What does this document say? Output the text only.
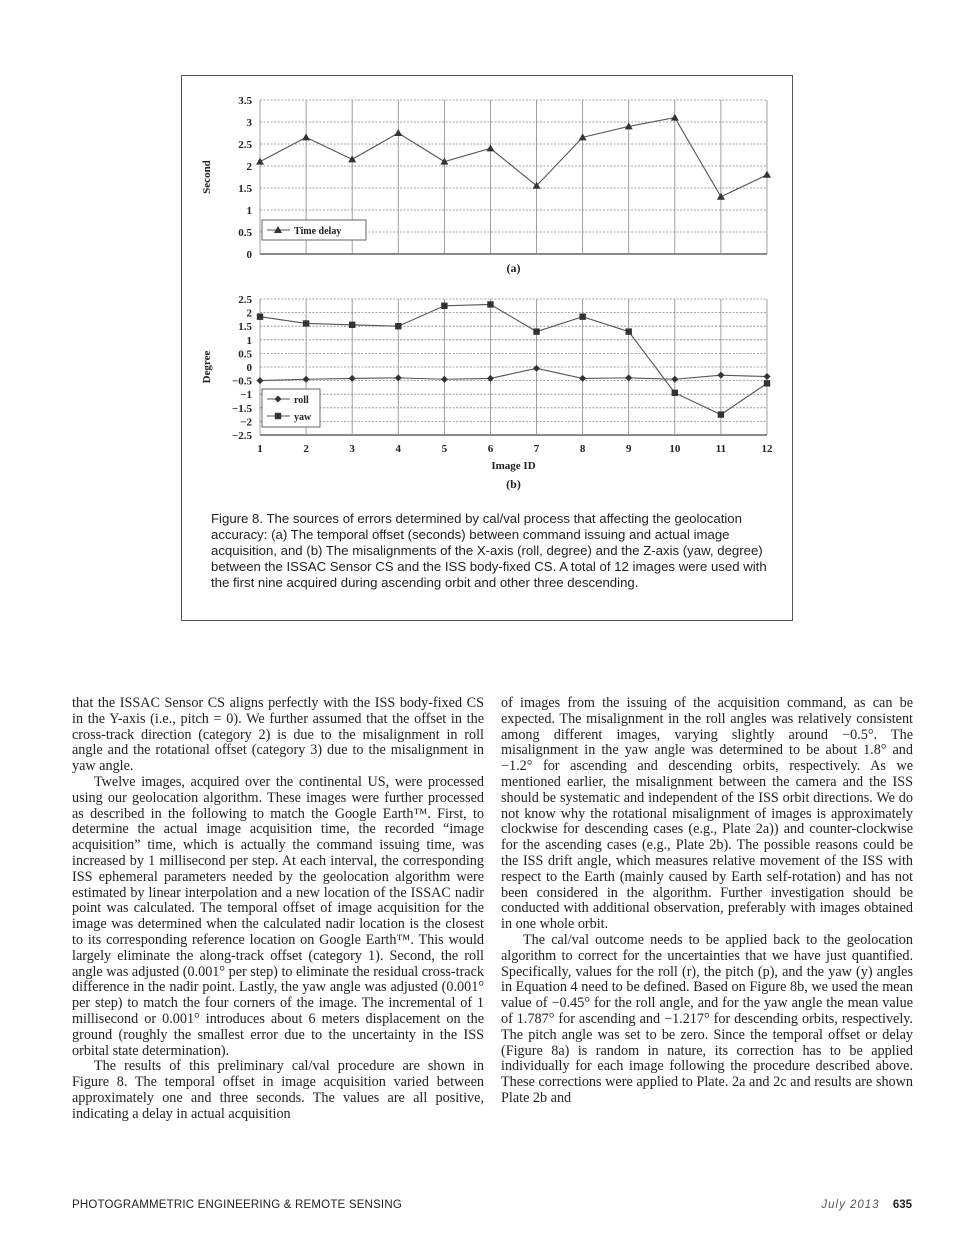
3.5
3
2.5
2
1.5
1
0.5
0
Second
Time delay
(a)
2.5
2
1.5
1
0.5
0
−0.5
−1
−1.5
−2
−2.5
Degree
1	2	3	4	5	6	7	8	9	10	11	12
Image ID
roll
yaw
(b)
Figure 8. The sources of errors determined by cal/val process that affecting the geolocation accuracy: (a) The temporal offset (seconds) between command issuing and actual image acquisition, and (b) The misalignments of the X-axis (roll, degree) and the Z-axis (yaw, degree) between the ISSAC Sensor CS and the ISS body-fixed CS. A total of 12 images were used with the first nine acquired during ascending orbit and other three descending.

that the ISSAC Sensor CS aligns perfectly with the ISS body-fixed CS in the Y-axis (i.e., pitch = 0). We further assumed that the offset in the cross-track direction (category 2) is due to the misalignment in roll angle and the rotational offset (category 3) due to the misalignment in yaw angle.

Twelve images, acquired over the continental US, were processed using our geolocation algorithm. These images were further processed as described in the following to match the Google Earth™. First, to determine the actual image acquisition time, the recorded “image acquisition” time, which is actually the command issuing time, was increased by 1 millisecond per step. At each interval, the corresponding ISS ephemeral parameters needed by the geolocation algorithm were estimated by linear interpolation and a new location of the ISSAC nadir point was calculated. The temporal offset of image acquisition for the image was determined when the calculated nadir location is the closest to its corresponding reference location on Google Earth™. This would largely eliminate the along-track offset (category 1). Second, the roll angle was adjusted (0.001° per step) to eliminate the residual cross-track difference in the nadir point. Lastly, the yaw angle was adjusted (0.001° per step) to match the four corners of the image. The incremental of 1 millisecond or 0.001° introduces about 6 meters displacement on the ground (roughly the smallest error due to the uncertainty in the ISS orbital state determination).

The results of this preliminary cal/val procedure are shown in Figure 8. The temporal offset in image acquisition varied between approximately one and three seconds. The values are all positive, indicating a delay in actual acquisition

of images from the issuing of the acquisition command, as can be expected. The misalignment in the roll angles was relatively consistent among different images, varying slightly around −0.5°. The misalignment in the yaw angle was determined to be about 1.8° and −1.2° for ascending and descending orbits, respectively. As we mentioned earlier, the misalignment between the camera and the ISS should be systematic and independent of the ISS orbit directions. We do not know why the rotational misalignment of images is approximately clockwise for descending cases (e.g., Plate 2a)) and counter-clockwise for the ascending cases (e.g., Plate 2b). The possible reasons could be the ISS drift angle, which measures relative movement of the ISS with respect to the Earth (mainly caused by Earth self-rotation) and has not been considered in the algorithm. Further investigation should be conducted with additional observation, preferably with images obtained in one whole orbit.

The cal/val outcome needs to be applied back to the geolocation algorithm to correct for the uncertainties that we have just quantified. Specifically, values for the roll (r), the pitch (p), and the yaw (y) angles in Equation 4 need to be defined. Based on Figure 8b, we used the mean value of −0.45° for the roll angle, and for the yaw angle the mean value of 1.787° for ascending and −1.217° for descending orbits, respectively. The pitch angle was set to be zero. Since the temporal offset or delay (Figure 8a) is random in nature, its correction has to be applied individually for each image following the procedure described above. These corrections were applied to Plate. 2a and 2c and results are shown Plate 2b and

PHOTOGRAMMETRIC ENGINEERING & REMOTE SENSING	July 2013 635
